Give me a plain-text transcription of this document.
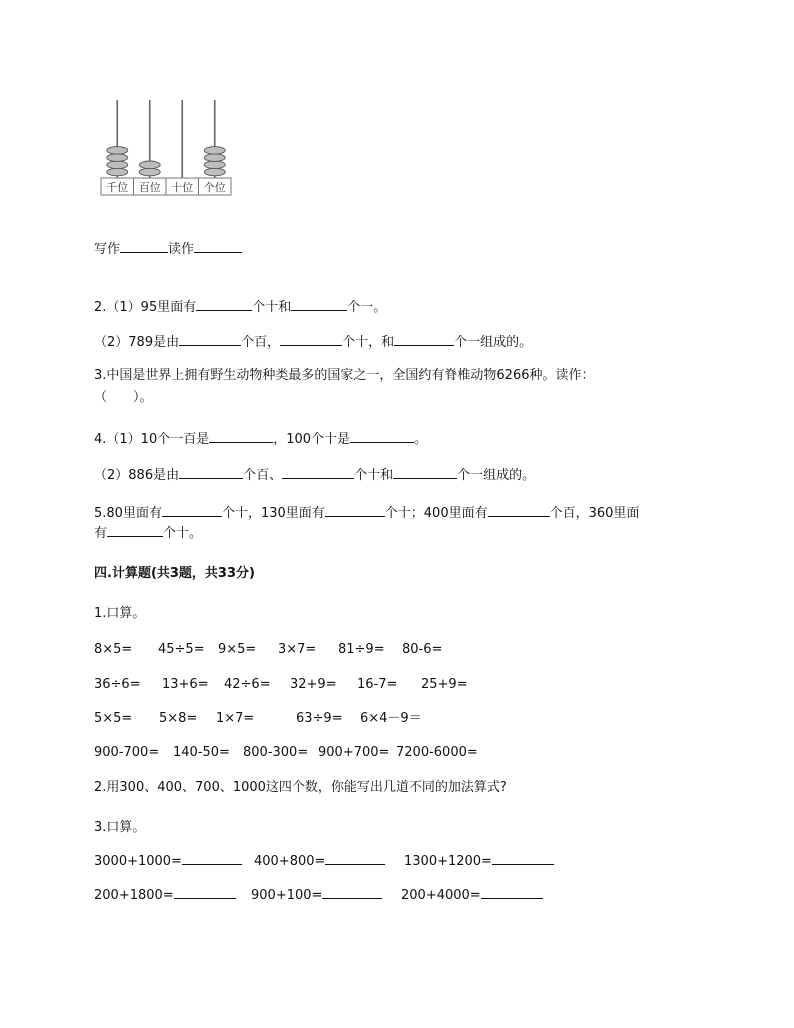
千位 百位 十位 个位
写作	读作
2.（1）95里面有	个十和	个一。
（2）789是由	个百，	个十，和	个一组成的。
3.中国是世界上拥有野生动物种类最多的国家之一，全国约有脊椎动物6266种。读作：
（　　）。
4.（1）10个一百是	，100个十是	。
（2）886是由	个百、	个十和	个一组成的。
5.80里面有	个十，130里面有	个十；400里面有	个百，360里面
有	个十。
四.计算题(共3题，共33分)
1.口算。
8×5= 45÷5= 9×5= 3×7= 81÷9= 80-6=
36÷6= 13+6= 42÷6= 32+9= 16-7= 25+9=
5×5= 5×8= 1×7=	63÷9= 6×4－9＝
900-700= 140-50= 800-300= 900+700= 7200-6000=
2.用300、400、700、1000这四个数，你能写出几道不同的加法算式?
3.口算。
3000+1000=	400+800=	1300+1200=
200+1800=	900+100=	200+4000=
